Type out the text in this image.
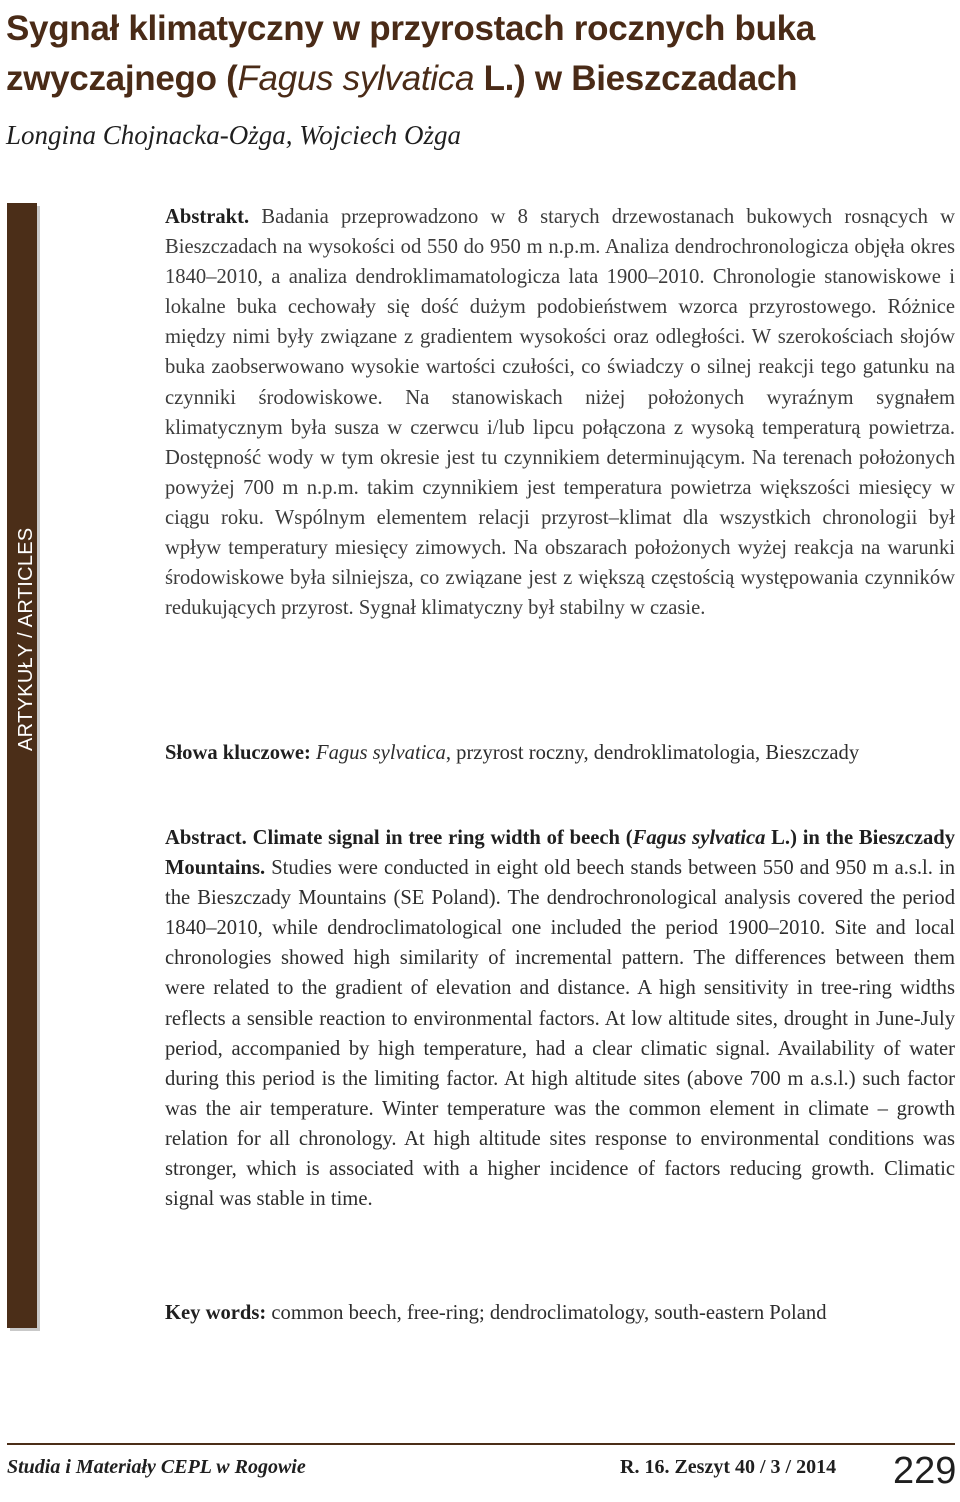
Sygnał klimatyczny w przyrostach rocznych buka zwyczajnego (Fagus sylvatica L.) w Bieszczadach
Longina Chojnacka-Ożga, Wojciech Ożga
ARTYKUŁY / ARTICLES

Abstrakt. Badania przeprowadzono w 8 starych drzewostanach bukowych rosnących w Bieszczadach na wysokości od 550 do 950 m n.p.m. Analiza dendrochronologicza objęła okres 1840–2010, a analiza dendroklimamatologicza lata 1900–2010. Chronologie stanowiskowe i lokalne buka cechowały się dość dużym podobieństwem wzorca przyrostowego. Różnice między nimi były związane z gradientem wysokości oraz odległości. W szerokościach słojów buka zaobserwowano wysokie wartości czułości, co świadczy o silnej reakcji tego gatunku na czynniki środowiskowe. Na stanowiskach niżej położonych wyraźnym sygnałem klimatycznym była susza w czerwcu i/lub lipcu połączona z wysoką temperaturą powietrza. Dostępność wody w tym okresie jest tu czynnikiem determinującym. Na terenach położonych powyżej 700 m n.p.m. takim czynnikiem jest temperatura powietrza większości miesięcy w ciągu roku. Wspólnym elementem relacji przyrost–klimat dla wszystkich chronologii był wpływ temperatury miesięcy zimowych. Na obszarach położonych wyżej reakcja na warunki środowiskowe była silniejsza, co związane jest z większą częstością występowania czynników redukujących przyrost. Sygnał klimatyczny był stabilny w czasie.

Słowa kluczowe: Fagus sylvatica, przyrost roczny, dendroklimatologia, Bieszczady

Abstract. Climate signal in tree ring width of beech (Fagus sylvatica L.) in the Bieszczady Mountains. Studies were conducted in eight old beech stands between 550 and 950 m a.s.l. in the Bieszczady Mountains (SE Poland). The dendrochronological analysis covered the period 1840–2010, while dendroclimatological one included the period 1900–2010. Site and local chronologies showed high similarity of incremental pattern. The differences between them were related to the gradient of elevation and distance. A high sensitivity in tree-ring widths reflects a sensible reaction to environmental factors. At low altitude sites, drought in June-July period, accompanied by high temperature, had a clear climatic signal. Availability of water during this period is the limiting factor. At high altitude sites (above 700 m a.s.l.) such factor was the air temperature. Winter temperature was the common element in climate – growth relation for all chronology. At high altitude sites response to environmental conditions was stronger, which is associated with a higher incidence of factors reducing growth. Climatic signal was stable in time.

Key words: common beech, free-ring; dendroclimatology, south-eastern Poland

Studia i Materiały CEPL w Rogowie	R. 16. Zeszyt 40 / 3 / 2014 229
